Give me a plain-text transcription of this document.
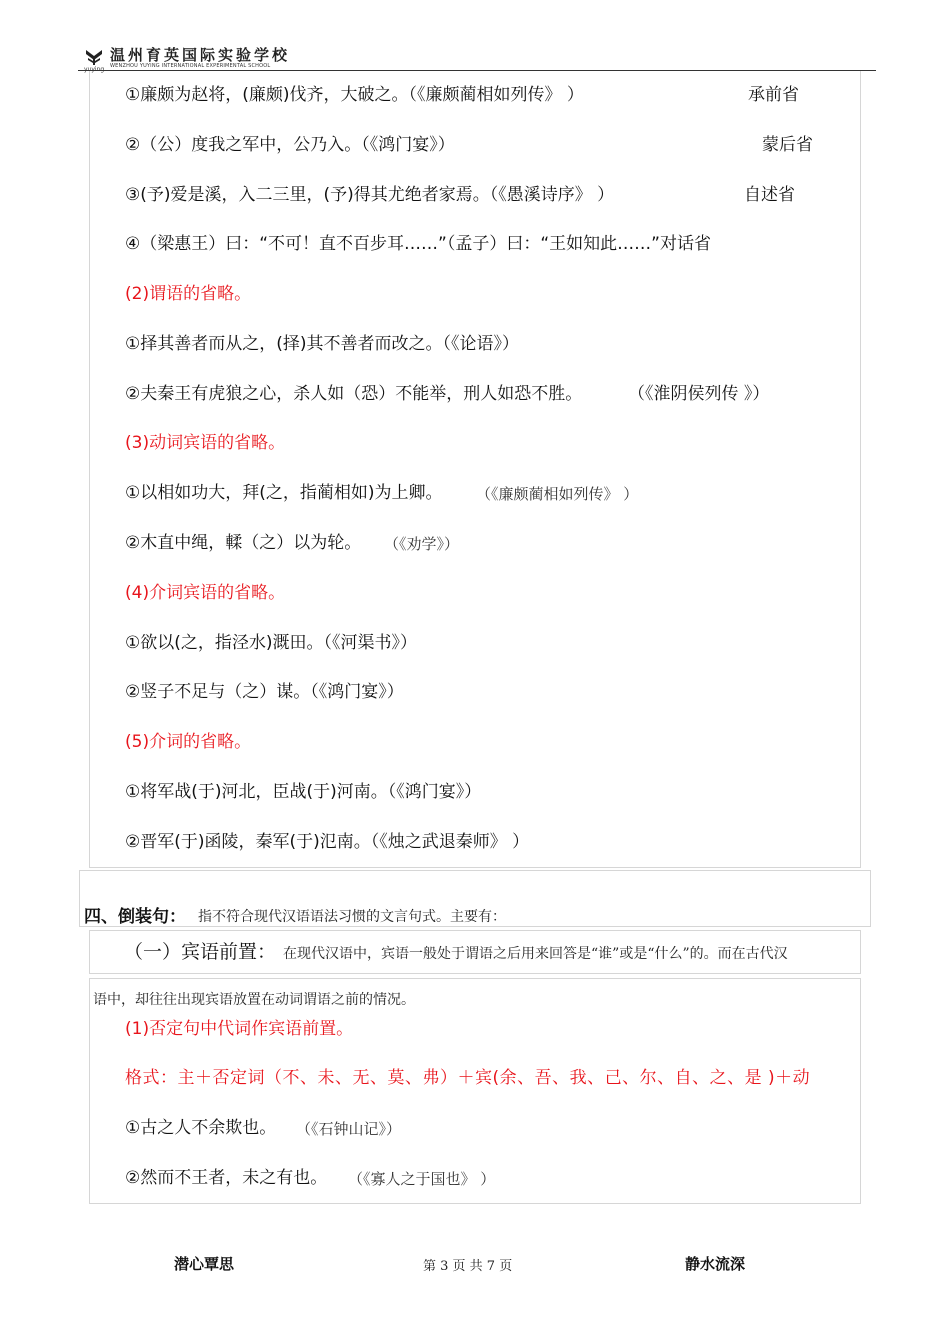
温州育英国际实验学校
WENZHOU YUYING INTERNATIONAL EXPERIMENTAL SCHOOL
①廉颇为赵将，(廉颇)伐齐，大破之。（《廉颇蔺相如列传》 ）	承前省
②（公）度我之军中，公乃入。（《鸿门宴》）	蒙后省
③(予)爱是溪，入二三里，(予)得其尤绝者家焉。（《愚溪诗序》 ）	自述省
④（梁惠王）曰：“不可！直不百步耳……”（孟子）曰：“王如知此……”对话省
(2)谓语的省略。
①择其善者而从之，(择)其不善者而改之。（《论语》）
②夫秦王有虎狼之心，杀人如（恐）不能举，刑人如恐不胜。	（《淮阴侯列传 》）
(3)动词宾语的省略。
①以相如功大，拜(之，指蔺相如)为上卿。 （《廉颇蔺相如列传》 ）
②木直中绳，輮（之）以为轮。 （《劝学》）
(4)介词宾语的省略。
①欲以(之，指泾水)溉田。（《河渠书》）
②竖子不足与（之）谋。（《鸿门宴》）
(5)介词的省略。
①将军战(于)河北，臣战(于)河南。（《鸿门宴》）
②晋军(于)函陵，秦军(于)氾南。（《烛之武退秦师》 ）
四、倒装句： 指不符合现代汉语语法习惯的文言句式。主要有：
（一）宾语前置： 在现代汉语中，宾语一般处于谓语之后用来回答是“谁”或是“什么”的。而在古代汉
语中，却往往出现宾语放置在动词谓语之前的情况。
(1)否定句中代词作宾语前置。
格式：主＋否定词（不、未、无、莫、弗）＋宾(余、吾、我、己、尔、自、之、是 )＋动
①古之人不余欺也。 （《石钟山记》）
②然而不王者，未之有也。 （《寡人之于国也》 ）
潜心覃思	第 3 页 共 7 页	静水流深
